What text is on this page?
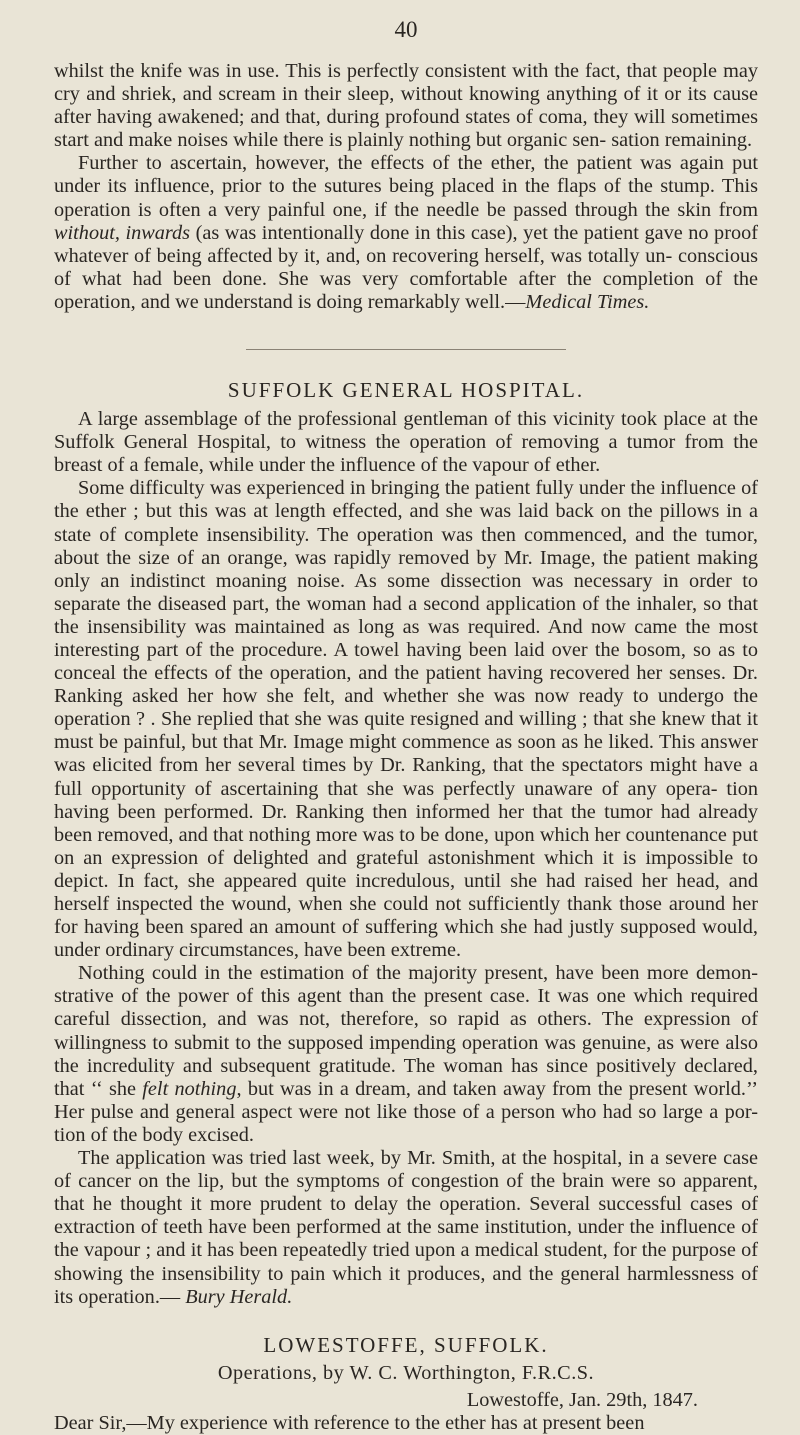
40

whilst the knife was in use. This is perfectly consistent with the fact, that people may cry and shriek, and scream in their sleep, without knowing anything of it or its cause after having awakened; and that, during profound states of coma, they will sometimes start and make noises while there is plainly nothing but organic sen- sation remaining.

Further to ascertain, however, the effects of the ether, the patient was again put under its influence, prior to the sutures being placed in the flaps of the stump. This operation is often a very painful one, if the needle be passed through the skin from without, inwards (as was intentionally done in this case), yet the patient gave no proof whatever of being affected by it, and, on recovering herself, was totally un- conscious of what had been done. She was very comfortable after the completion of the operation, and we understand is doing remarkably well.—Medical Times.

SUFFOLK GENERAL HOSPITAL.

A large assemblage of the professional gentleman of this vicinity took place at the Suffolk General Hospital, to witness the operation of removing a tumor from the breast of a female, while under the influence of the vapour of ether.

Some difficulty was experienced in bringing the patient fully under the influence of the ether ; but this was at length effected, and she was laid back on the pillows in a state of complete insensibility. The operation was then commenced, and the tumor, about the size of an orange, was rapidly removed by Mr. Image, the patient making only an indistinct moaning noise. As some dissection was necessary in order to separate the diseased part, the woman had a second application of the inhaler, so that the insensibility was maintained as long as was required. And now came the most interesting part of the procedure. A towel having been laid over the bosom, so as to conceal the effects of the operation, and the patient having recovered her senses. Dr. Ranking asked her how she felt, and whether she was now ready to undergo the operation ? . She replied that she was quite resigned and willing ; that she knew that it must be painful, but that Mr. Image might commence as soon as he liked. This answer was elicited from her several times by Dr. Ranking, that the spectators might have a full opportunity of ascertaining that she was perfectly unaware of any opera- tion having been performed. Dr. Ranking then informed her that the tumor had already been removed, and that nothing more was to be done, upon which her countenance put on an expression of delighted and grateful astonishment which it is impossible to depict. In fact, she appeared quite incredulous, until she had raised her head, and herself inspected the wound, when she could not sufficiently thank those around her for having been spared an amount of suffering which she had justly supposed would, under ordinary circumstances, have been extreme.

Nothing could in the estimation of the majority present, have been more demon- strative of the power of this agent than the present case. It was one which required careful dissection, and was not, therefore, so rapid as others. The expression of willingness to submit to the supposed impending operation was genuine, as were also the incredulity and subsequent gratitude. The woman has since positively declared, that ‘‘ she felt nothing, but was in a dream, and taken away from the present world.’’ Her pulse and general aspect were not like those of a person who had so large a por- tion of the body excised.

The application was tried last week, by Mr. Smith, at the hospital, in a severe case of cancer on the lip, but the symptoms of congestion of the brain were so apparent, that he thought it more prudent to delay the operation. Several successful cases of extraction of teeth have been performed at the same institution, under the influence of the vapour ; and it has been repeatedly tried upon a medical student, for the purpose of showing the insensibility to pain which it produces, and the general harmlessness of its operation.— Bury Herald.

LOWESTOFFE, SUFFOLK.
Operations, by W. C. Worthington, F.R.C.S.
Lowestoffe, Jan. 29th, 1847.

Dear Sir,—My experience with reference to the ether has at present been
